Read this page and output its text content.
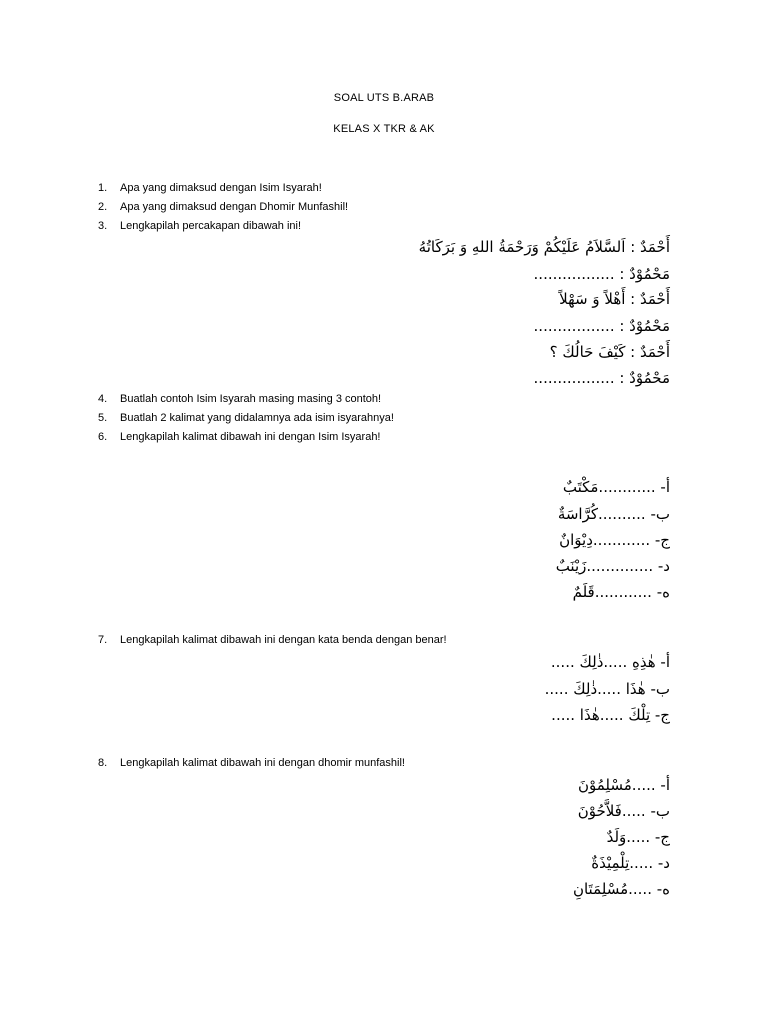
SOAL UTS B.ARAB
KELAS X TKR & AK
1. Apa yang dimaksud dengan Isim Isyarah!
2. Apa yang dimaksud dengan Dhomir Munfashil!
3. Lengkapilah percakapan dibawah ini!
أَحْمَدٌ : اَلسَّلاَمُ عَلَيْكُمْ وَرَحْمَةُ اللهِ وَ بَرَكَاتُهُ
مَحْمُوْدٌ : .................
أَحْمَدٌ : أَهْلاً وَ سَهْلاً
مَحْمُوْدٌ : .................
أَحْمَدٌ : كَيْفَ حَالُكَ ؟
مَحْمُوْدٌ : .................
4. Buatlah contoh Isim Isyarah masing masing 3 contoh!
5. Buatlah 2 kalimat yang didalamnya ada isim isyarahnya!
6. Lengkapilah kalimat dibawah ini dengan Isim Isyarah!
أ- ............مَكْتَبٌ
ب- ..........كُرَّاسَةٌ
ج- ............دِيْوَانٌ
د- ..............زَيْنَبٌ
ه- ............قَلَمٌ
7. Lengkapilah kalimat dibawah ini dengan kata benda dengan benar!
أ- هٰذِهِ .....ذٰلِكَ .....
ب- هٰذَا .....ذٰلِكَ .....
ج- تِلْكَ .....هٰذَا .....
8. Lengkapilah kalimat dibawah ini dengan dhomir munfashil!
أ- .....مُسْلِمُوْنَ
ب- .....فَلاَّحُوْنَ
ج- .....وَلَدٌ
د- .....تِلْمِيْذَةٌ
ه- .....مُسْلِمَتَانِ
